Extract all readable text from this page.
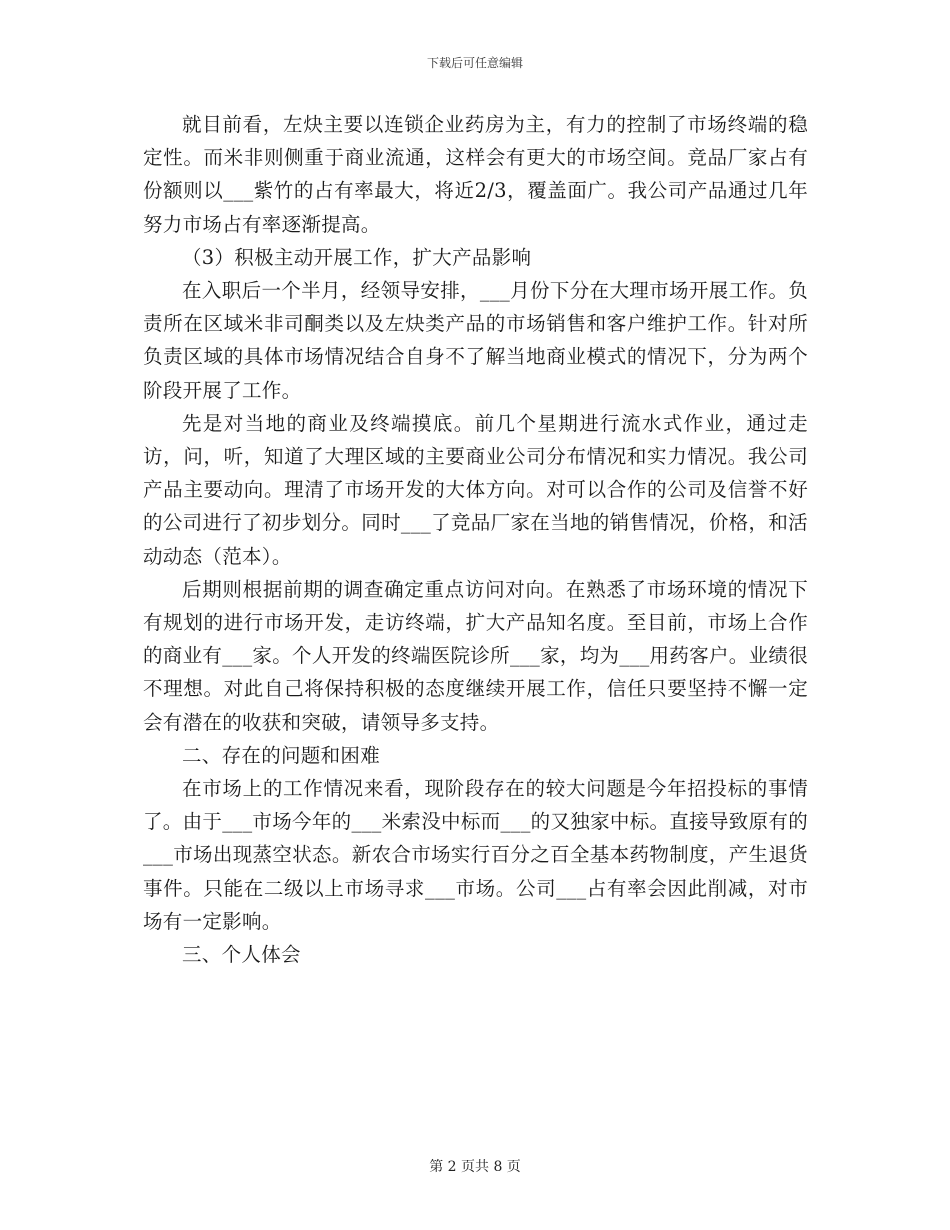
下载后可任意编辑

就目前看，左炔主要以连锁企业药房为主，有力的控制了市场终端的稳定性。而米非则侧重于商业流通，这样会有更大的市场空间。竞品厂家占有份额则以___紫竹的占有率最大，将近2/3，覆盖面广。我公司产品通过几年努力市场占有率逐渐提高。

（3）积极主动开展工作，扩大产品影响

在入职后一个半月，经领导安排，___月份下分在大理市场开展工作。负责所在区域米非司酮类以及左炔类产品的市场销售和客户维护工作。针对所负责区域的具体市场情况结合自身不了解当地商业模式的情况下，分为两个阶段开展了工作。

先是对当地的商业及终端摸底。前几个星期进行流水式作业，通过走访，问，听，知道了大理区域的主要商业公司分布情况和实力情况。我公司产品主要动向。理清了市场开发的大体方向。对可以合作的公司及信誉不好的公司进行了初步划分。同时___了竞品厂家在当地的销售情况，价格，和活动动态（范本）。

后期则根据前期的调查确定重点访问对向。在熟悉了市场环境的情况下有规划的进行市场开发，走访终端，扩大产品知名度。至目前，市场上合作的商业有___家。个人开发的终端医院诊所___家，均为___用药客户。业绩很不理想。对此自己将保持积极的态度继续开展工作，信任只要坚持不懈一定会有潜在的收获和突破，请领导多支持。

二、存在的问题和困难

在市场上的工作情况来看，现阶段存在的较大问题是今年招投标的事情了。由于___市场今年的___米索没中标而___的又独家中标。直接导致原有的___市场出现蒸空状态。新农合市场实行百分之百全基本药物制度，产生退货事件。只能在二级以上市场寻求___市场。公司___占有率会因此削减，对市场有一定影响。

三、个人体会

第 2 页共 8 页
